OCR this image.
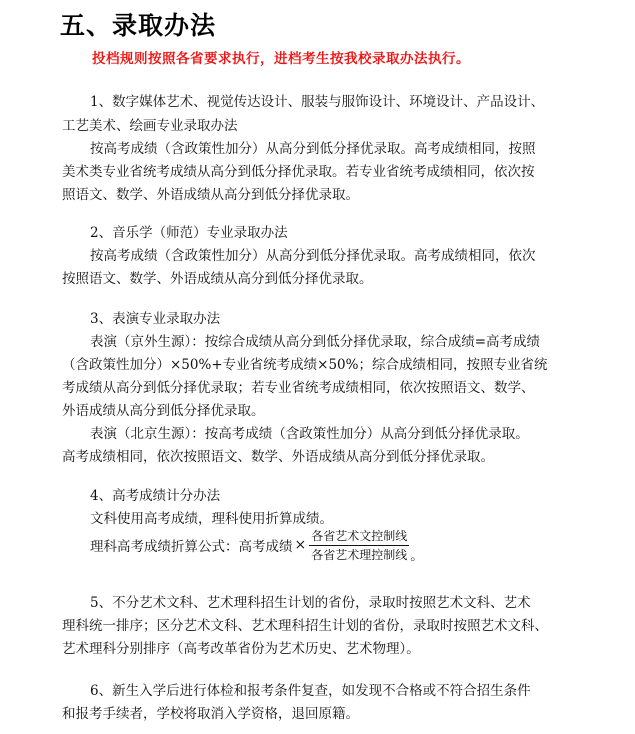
五、录取办法
投档规则按照各省要求执行，进档考生按我校录取办法执行。
1、数字媒体艺术、视觉传达设计、服装与服饰设计、环境设计、产品设计、
工艺美术、绘画专业录取办法
按高考成绩（含政策性加分）从高分到低分择优录取。高考成绩相同，按照
美术类专业省统考成绩从高分到低分择优录取。若专业省统考成绩相同，依次按
照语文、数学、外语成绩从高分到低分择优录取。
2、音乐学（师范）专业录取办法
按高考成绩（含政策性加分）从高分到低分择优录取。高考成绩相同，依次
按照语文、数学、外语成绩从高分到低分择优录取。
3、表演专业录取办法
表演（京外生源）：按综合成绩从高分到低分择优录取，综合成绩=高考成绩
（含政策性加分）×50%+专业省统考成绩×50%；综合成绩相同，按照专业省统
考成绩从高分到低分择优录取；若专业省统考成绩相同，依次按照语文、数学、
外语成绩从高分到低分择优录取。
表演（北京生源）：按高考成绩（含政策性加分）从高分到低分择优录取。
高考成绩相同，依次按照语文、数学、外语成绩从高分到低分择优录取。
4、高考成绩计分办法
文科使用高考成绩，理科使用折算成绩。
理科高考成绩折算公式：高考成绩 × $\frac{\text{各省艺术文控制线}}{\text{各省艺术理控制线}}$ 。
5、不分艺术文科、艺术理科招生计划的省份，录取时按照艺术文科、艺术
理科统一排序；区分艺术文科、艺术理科招生计划的省份，录取时按照艺术文科、
艺术理科分别排序（高考改革省份为艺术历史、艺术物理）。
6、新生入学后进行体检和报考条件复查，如发现不合格或不符合招生条件
和报考手续者，学校将取消入学资格，退回原籍。
